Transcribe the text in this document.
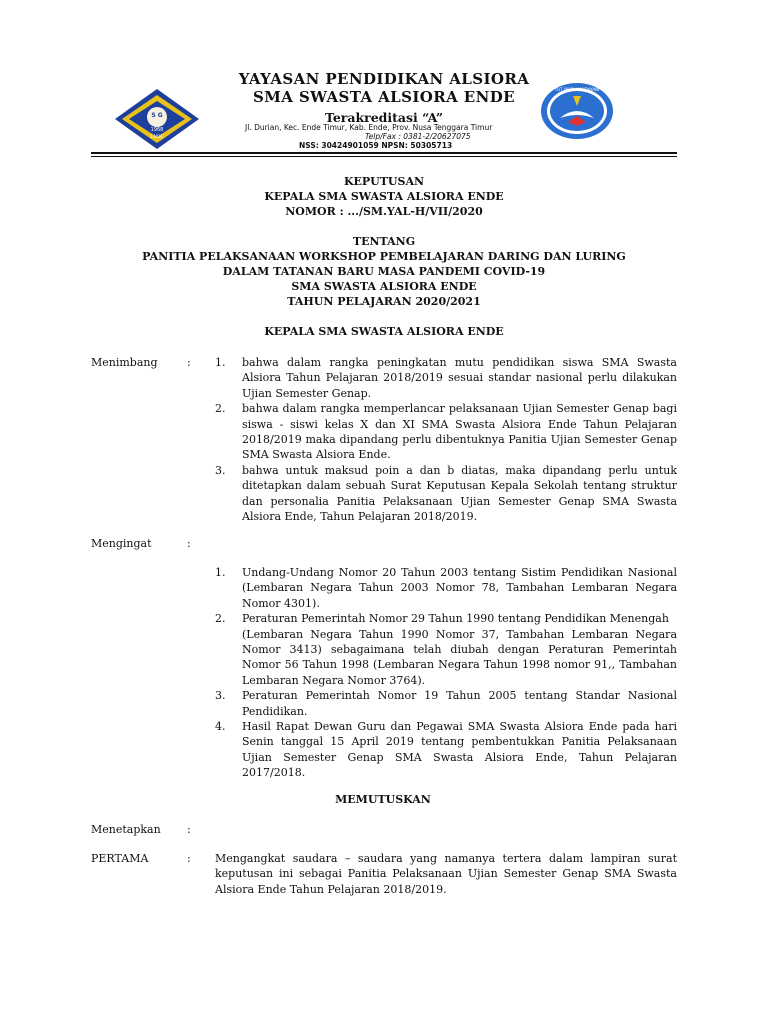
S G
1968
ENDE
TUT WURI HANDAYANI
YAYASAN PENDIDIKAN ALSIORA
SMA SWASTA ALSIORA ENDE
Terakreditasi “A”
Jl. Durian, Kec. Ende Timur, Kab. Ende, Prov. Nusa Tenggara Timur
Telp/Fax : 0381-2/20627075
NSS: 30424901059 NPSN: 50305713
KEPUTUSAN
KEPALA SMA SWASTA ALSIORA ENDE
NOMOR : .../SM.YAL-H/VII/2020
TENTANG
PANITIA PELAKSANAAN WORKSHOP PEMBELAJARAN DARING DAN LURING
DALAM TATANAN BARU MASA PANDEMI COVID-19
SMA SWASTA ALSIORA ENDE
TAHUN PELAJARAN 2020/2021
KEPALA SMA SWASTA ALSIORA ENDE
Menimbang	: 1. bahwa dalam rangka peningkatan mutu pendidikan siswa SMA Swasta Alsiora Tahun Pelajaran 2018/2019 sesuai standar nasional perlu dilakukan Ujian Semester Genap.
2. bahwa dalam rangka memperlancar pelaksanaan Ujian Semester Genap bagi siswa - siswi kelas X dan XI SMA Swasta Alsiora Ende Tahun Pelajaran 2018/2019 maka dipandang perlu dibentuknya Panitia Ujian Semester Genap SMA Swasta Alsiora Ende.
3. bahwa untuk maksud poin a dan b diatas, maka dipandang perlu untuk ditetapkan dalam sebuah Surat Keputusan Kepala Sekolah tentang struktur dan personalia Panitia Pelaksanaan Ujian Semester Genap SMA Swasta Alsiora Ende, Tahun Pelajaran 2018/2019.
Mengingat	:
1. Undang-Undang Nomor 20 Tahun 2003 tentang Sistim Pendidikan Nasional (Lembaran Negara Tahun 2003 Nomor 78, Tambahan Lembaran Negara Nomor 4301).
2. Peraturan Pemerintah Nomor 29 Tahun 1990 tentang Pendidikan Menengah
(Lembaran Negara Tahun 1990 Nomor 37, Tambahan Lembaran Negara Nomor 3413) sebagaimana telah diubah dengan Peraturan Pemerintah Nomor 56 Tahun 1998 (Lembaran Negara Tahun 1998 nomor 91,, Tambahan Lembaran Negara Nomor 3764).
3. Peraturan Pemerintah Nomor 19 Tahun 2005 tentang Standar Nasional Pendidikan.
4. Hasil Rapat Dewan Guru dan Pegawai SMA Swasta Alsiora Ende pada hari Senin tanggal 15 April 2019 tentang pembentukkan Panitia Pelaksanaan Ujian Semester Genap SMA Swasta Alsiora Ende, Tahun Pelajaran 2017/2018.
MEMUTUSKAN
Menetapkan :
PERTAMA	: Mengangkat saudara – saudara yang namanya tertera dalam lampiran surat keputusan ini sebagai Panitia Pelaksanaan Ujian Semester Genap SMA Swasta Alsiora Ende Tahun Pelajaran 2018/2019.
